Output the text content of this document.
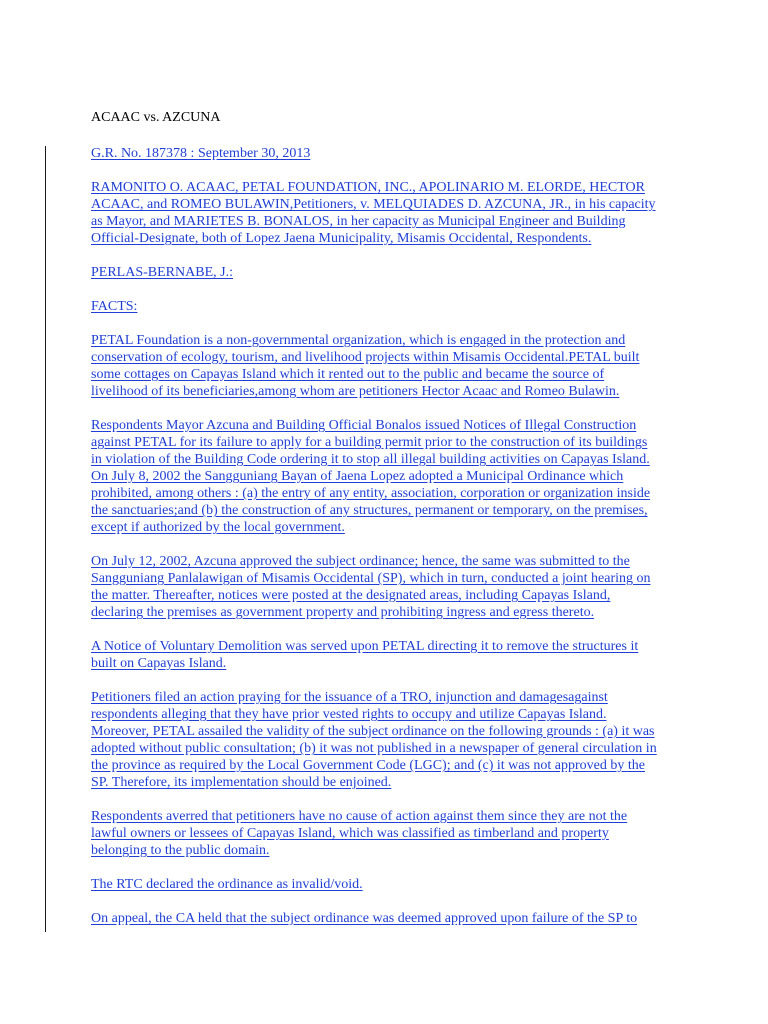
ACAAC vs. AZCUNA

G.R. No. 187378 : September 30, 2013

RAMONITO O. ACAAC, PETAL FOUNDATION, INC., APOLINARIO M. ELORDE, HECTOR
ACAAC, and ROMEO BULAWIN,Petitioners, v. MELQUIADES D. AZCUNA, JR., in his capacity
as Mayor, and MARIETES B. BONALOS, in her capacity as Municipal Engineer and Building
Official-Designate, both of Lopez Jaena Municipality, Misamis Occidental, Respondents.

PERLAS-BERNABE, J.:

FACTS:

PETAL Foundation is a non-governmental organization, which is engaged in the protection and
conservation of ecology, tourism, and livelihood projects within Misamis Occidental.PETAL built
some cottages on Capayas Island which it rented out to the public and became the source of
livelihood of its beneficiaries,among whom are petitioners Hector Acaac and Romeo Bulawin.

Respondents Mayor Azcuna and Building Official Bonalos issued Notices of Illegal Construction
against PETAL for its failure to apply for a building permit prior to the construction of its buildings
in violation of the Building Code ordering it to stop all illegal building activities on Capayas Island.
On July 8, 2002 the Sangguniang Bayan of Jaena Lopez adopted a Municipal Ordinance which
prohibited, among others : (a) the entry of any entity, association, corporation or organization inside
the sanctuaries;and (b) the construction of any structures, permanent or temporary, on the premises,
except if authorized by the local government.

On July 12, 2002, Azcuna approved the subject ordinance; hence, the same was submitted to the
Sangguniang Panlalawigan of Misamis Occidental (SP), which in turn, conducted a joint hearing on
the matter. Thereafter, notices were posted at the designated areas, including Capayas Island,
declaring the premises as government property and prohibiting ingress and egress thereto.

A Notice of Voluntary Demolition was served upon PETAL directing it to remove the structures it
built on Capayas Island.

Petitioners filed an action praying for the issuance of a TRO, injunction and damagesagainst
respondents alleging that they have prior vested rights to occupy and utilize Capayas Island.
Moreover, PETAL assailed the validity of the subject ordinance on the following grounds : (a) it was
adopted without public consultation; (b) it was not published in a newspaper of general circulation in
the province as required by the Local Government Code (LGC); and (c) it was not approved by the
SP. Therefore, its implementation should be enjoined.

Respondents averred that petitioners have no cause of action against them since they are not the
lawful owners or lessees of Capayas Island, which was classified as timberland and property
belonging to the public domain.

The RTC declared the ordinance as invalid/void.

On appeal, the CA held that the subject ordinance was deemed approved upon failure of the SP to
